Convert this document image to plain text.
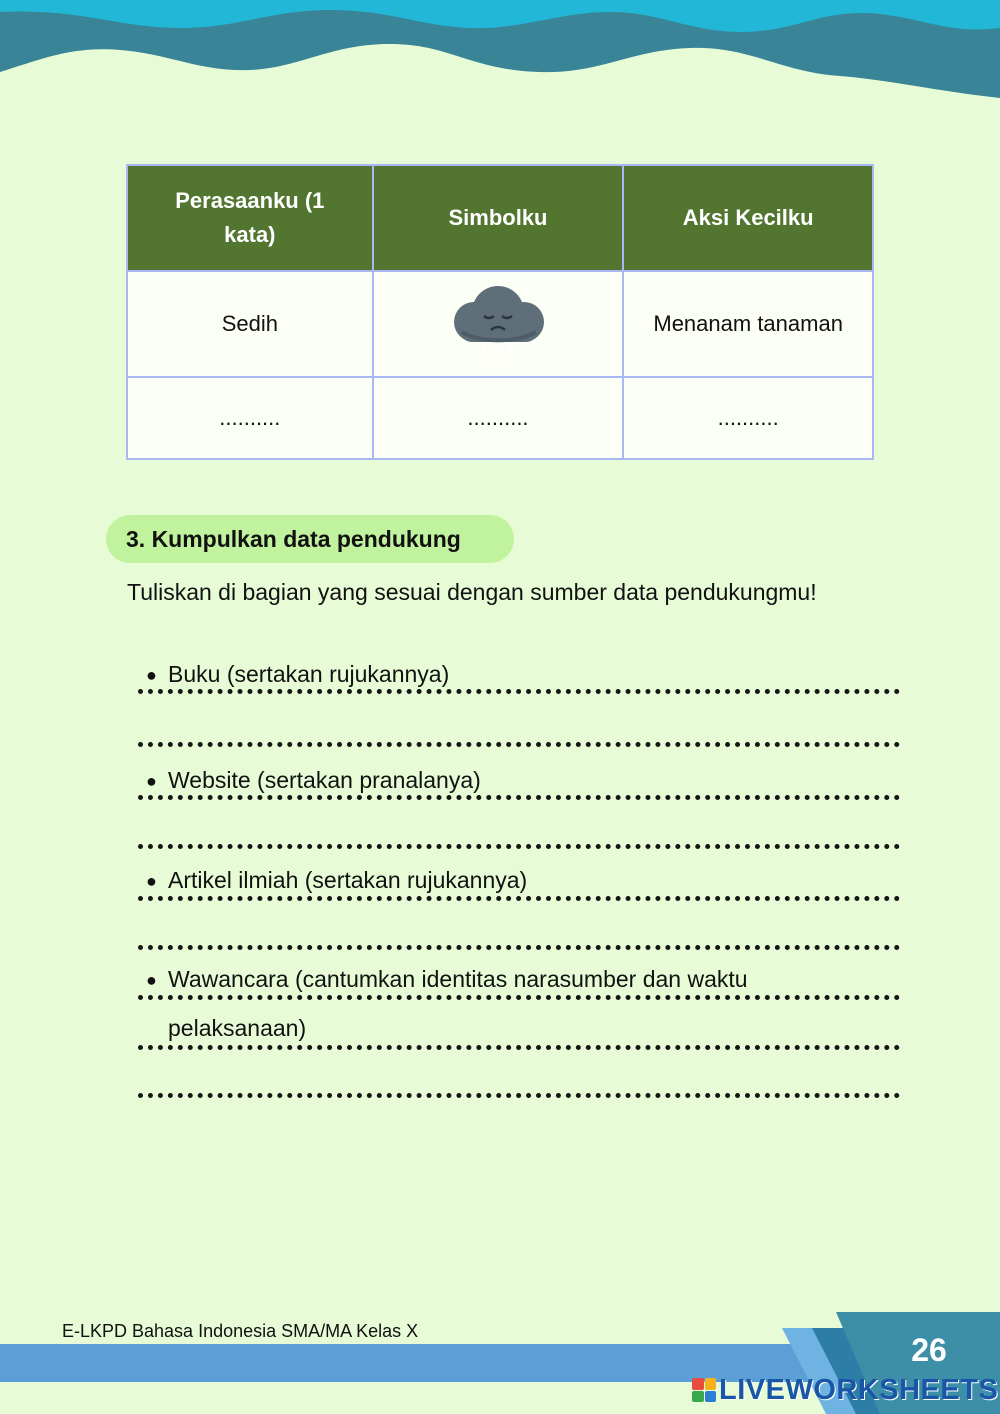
Perasaanku (1 kata)	Simbolku	Aksi Kecilku
Sedih		Menanam tanaman
..........	..........	..........
3. Kumpulkan data pendukung
Tuliskan di bagian yang sesuai dengan sumber data pendukungmu!
● Buku (sertakan rujukannya)
● Website (sertakan pranalanya)
● Artikel ilmiah (sertakan rujukannya)
● Wawancara (cantumkan identitas narasumber dan waktu
pelaksanaan)
E-LKPD Bahasa Indonesia SMA/MA Kelas X
26
LIVEWORKSHEETS
